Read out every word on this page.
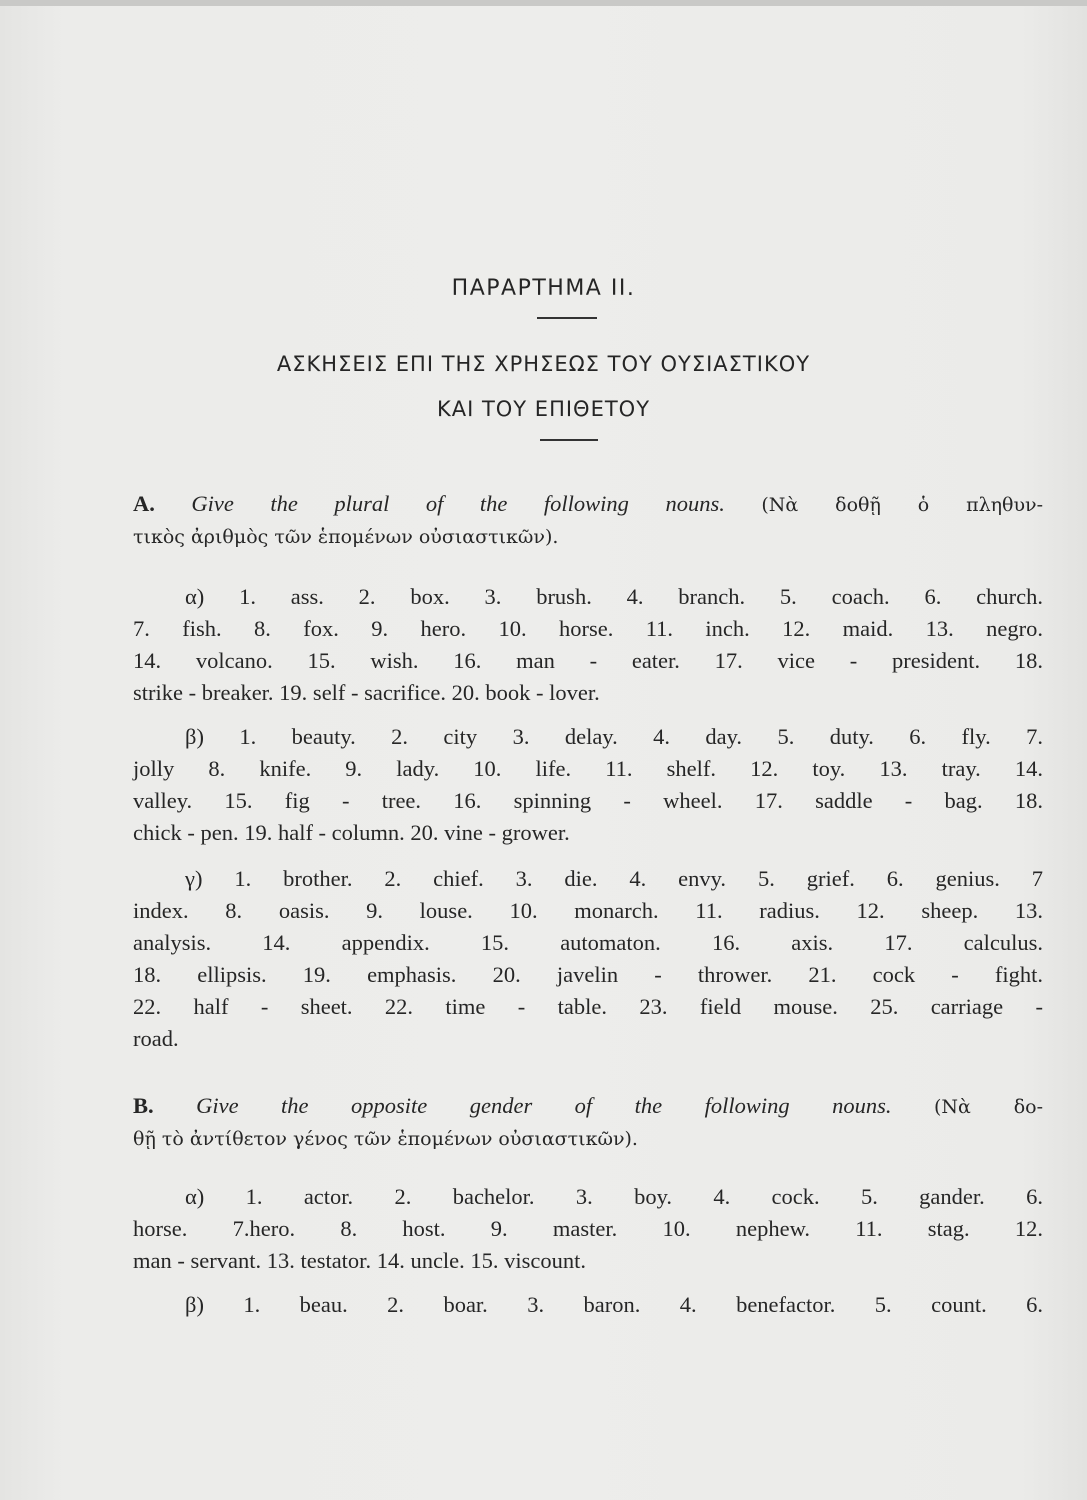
ΠΑΡΑΡΤΗΜΑ ΙΙ.
ΑΣΚΗΣΕΙΣ ΕΠΙ ΤΗΣ ΧΡΗΣΕΩΣ ΤΟΥ ΟΥΣΙΑΣΤΙΚΟΥ
ΚΑΙ ΤΟΥ ΕΠΙΘΕΤΟΥ
A. Give the plural of the following nouns. (Νὰ δοθῇ ὁ πληθυν-
τικὸς ἀριθμὸς τῶν ἑπομένων οὐσιαστικῶν).
α) 1. ass. 2. box. 3. brush. 4. branch. 5. coach. 6. church.
7. fish. 8. fox. 9. hero. 10. horse. 11. inch. 12. maid. 13. negro.
14. volcano. 15. wish. 16. man - eater. 17. vice - president. 18.
strike - breaker. 19. self - sacrifice. 20. book - lover.
β) 1. beauty. 2. city 3. delay. 4. day. 5. duty. 6. fly. 7.
jolly 8. knife. 9. lady. 10. life. 11. shelf. 12. toy. 13. tray. 14.
valley. 15. fig - tree. 16. spinning - wheel. 17. saddle - bag. 18.
chick - pen. 19. half - column. 20. vine - grower.
γ) 1. brother. 2. chief. 3. die. 4. envy. 5. grief. 6. genius. 7
index. 8. oasis. 9. louse. 10. monarch. 11. radius. 12. sheep. 13.
analysis. 14. appendix. 15. automaton. 16. axis. 17. calculus.
18. ellipsis. 19. emphasis. 20. javelin - thrower. 21. cock - fight.
22. half - sheet. 22. time - table. 23. field mouse. 25. carriage -
road.
B. Give the opposite gender of the following nouns. (Νὰ δο-
θῇ τὸ ἀντίθετον γένος τῶν ἑπομένων οὐσιαστικῶν).
α) 1. actor. 2. bachelor. 3. boy. 4. cock. 5. gander. 6.
horse. 7.hero. 8. host. 9. master. 10. nephew. 11. stag. 12.
man - servant. 13. testator. 14. uncle. 15. viscount.
β) 1. beau. 2. boar. 3. baron. 4. benefactor. 5. count. 6.
